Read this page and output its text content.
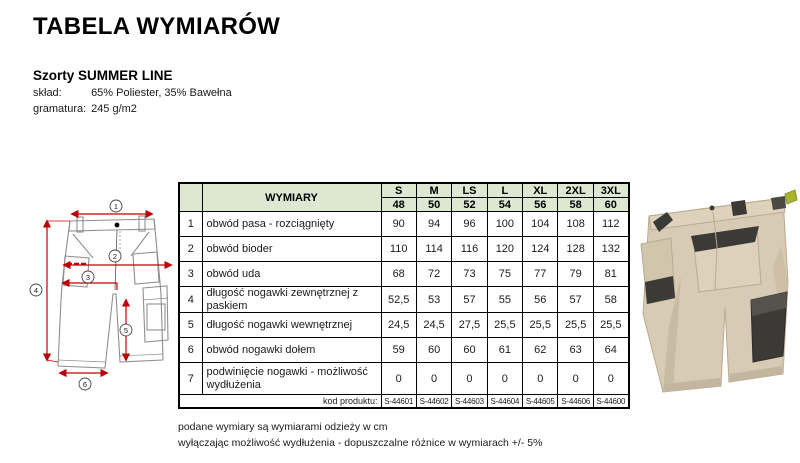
TABELA WYMIARÓW
Szorty SUMMER LINE
skład:	65% Poliester, 35% Bawełna
gramatura: 245 g/m2
1
2
3
4
5
6
	WYMIARY	S	M	LS	L	XL	2XL	3XL
		48	50	52	54	56	58	60
1	obwód pasa - rozciągnięty	90	94	96	100	104	108	112
2	obwód bioder	110	114	116	120	124	128	132
3	obwód uda	68	72	73	75	77	79	81
4	długość nogawki zewnętrznej z paskiem	52,5	53	57	55	56	57	58
5	długość nogawki wewnętrznej	24,5	24,5	27,5	25,5	25,5	25,5	25,5
6	obwód nogawki dołem	59	60	60	61	62	63	64
7	podwinięcie nogawki - możliwość wydłużenia	0	0	0	0	0	0	0
kod produktu:		S-44601	S-44602	S-44603	S-44604	S-44605	S-44606	S-44600
podane wymiary są wymiarami odzieży w cm
wyłączając możliwość wydłużenia - dopuszczalne różnice w wymiarach +/- 5%
